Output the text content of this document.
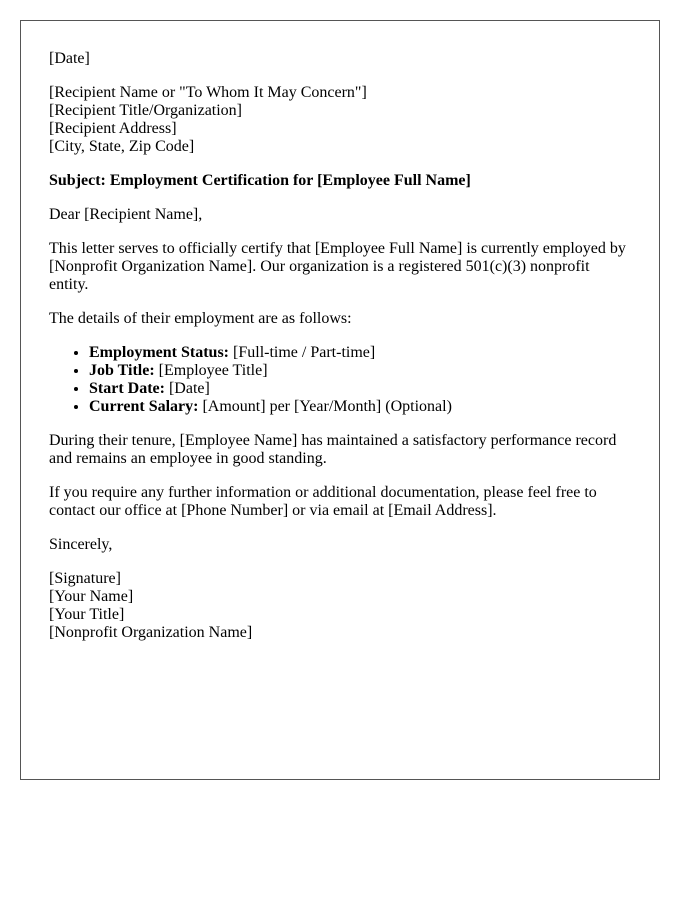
[Date]
[Recipient Name or "To Whom It May Concern"]
[Recipient Title/Organization]
[Recipient Address]
[City, State, Zip Code]

Subject: Employment Certification for [Employee Full Name]

Dear [Recipient Name],

This letter serves to officially certify that [Employee Full Name] is currently employed by [Nonprofit Organization Name]. Our organization is a registered 501(c)(3) nonprofit entity.

The details of their employment are as follows:

• Employment Status: [Full-time / Part-time]
• Job Title: [Employee Title]
• Start Date: [Date]
• Current Salary: [Amount] per [Year/Month] (Optional)

During their tenure, [Employee Name] has maintained a satisfactory performance record and remains an employee in good standing.

If you require any further information or additional documentation, please feel free to contact our office at [Phone Number] or via email at [Email Address].

Sincerely,

[Signature]
[Your Name]
[Your Title]
[Nonprofit Organization Name]
